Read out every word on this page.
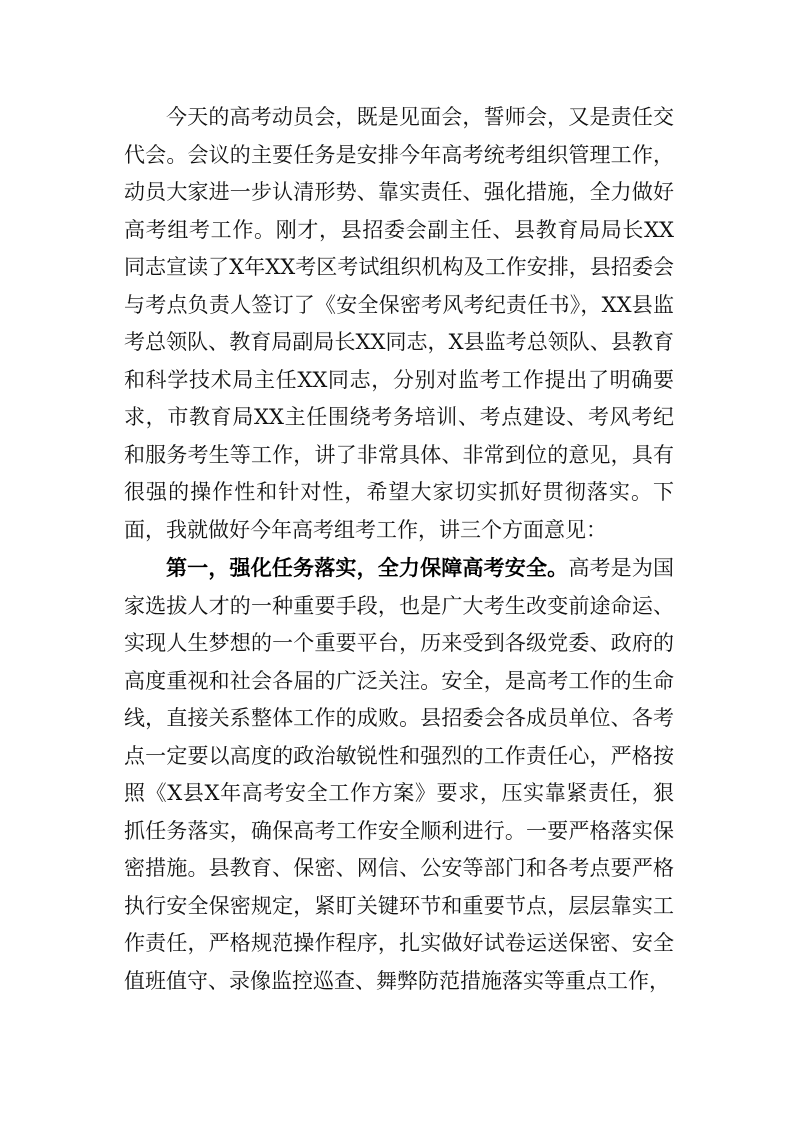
今天的高考动员会，既是见面会，誓师会，又是责任交代会。会议的主要任务是安排今年高考统考组织管理工作，动员大家进一步认清形势、靠实责任、强化措施，全力做好高考组考工作。刚才，县招委会副主任、县教育局局长XX同志宣读了X年XX考区考试组织机构及工作安排，县招委会与考点负责人签订了《安全保密考风考纪责任书》，XX县监考总领队、教育局副局长XX同志，X县监考总领队、县教育和科学技术局主任XX同志，分别对监考工作提出了明确要求，市教育局XX主任围绕考务培训、考点建设、考风考纪和服务考生等工作，讲了非常具体、非常到位的意见，具有很强的操作性和针对性，希望大家切实抓好贯彻落实。下面，我就做好今年高考组考工作，讲三个方面意见：

第一，强化任务落实，全力保障高考安全。高考是为国家选拔人才的一种重要手段，也是广大考生改变前途命运、实现人生梦想的一个重要平台，历来受到各级党委、政府的高度重视和社会各届的广泛关注。安全，是高考工作的生命线，直接关系整体工作的成败。县招委会各成员单位、各考点一定要以高度的政治敏锐性和强烈的工作责任心，严格按照《X县X年高考安全工作方案》要求，压实靠紧责任，狠抓任务落实，确保高考工作安全顺利进行。一要严格落实保密措施。县教育、保密、网信、公安等部门和各考点要严格执行安全保密规定，紧盯关键环节和重要节点，层层靠实工作责任，严格规范操作程序，扎实做好试卷运送保密、安全值班值守、录像监控巡查、舞弊防范措施落实等重点工作，
